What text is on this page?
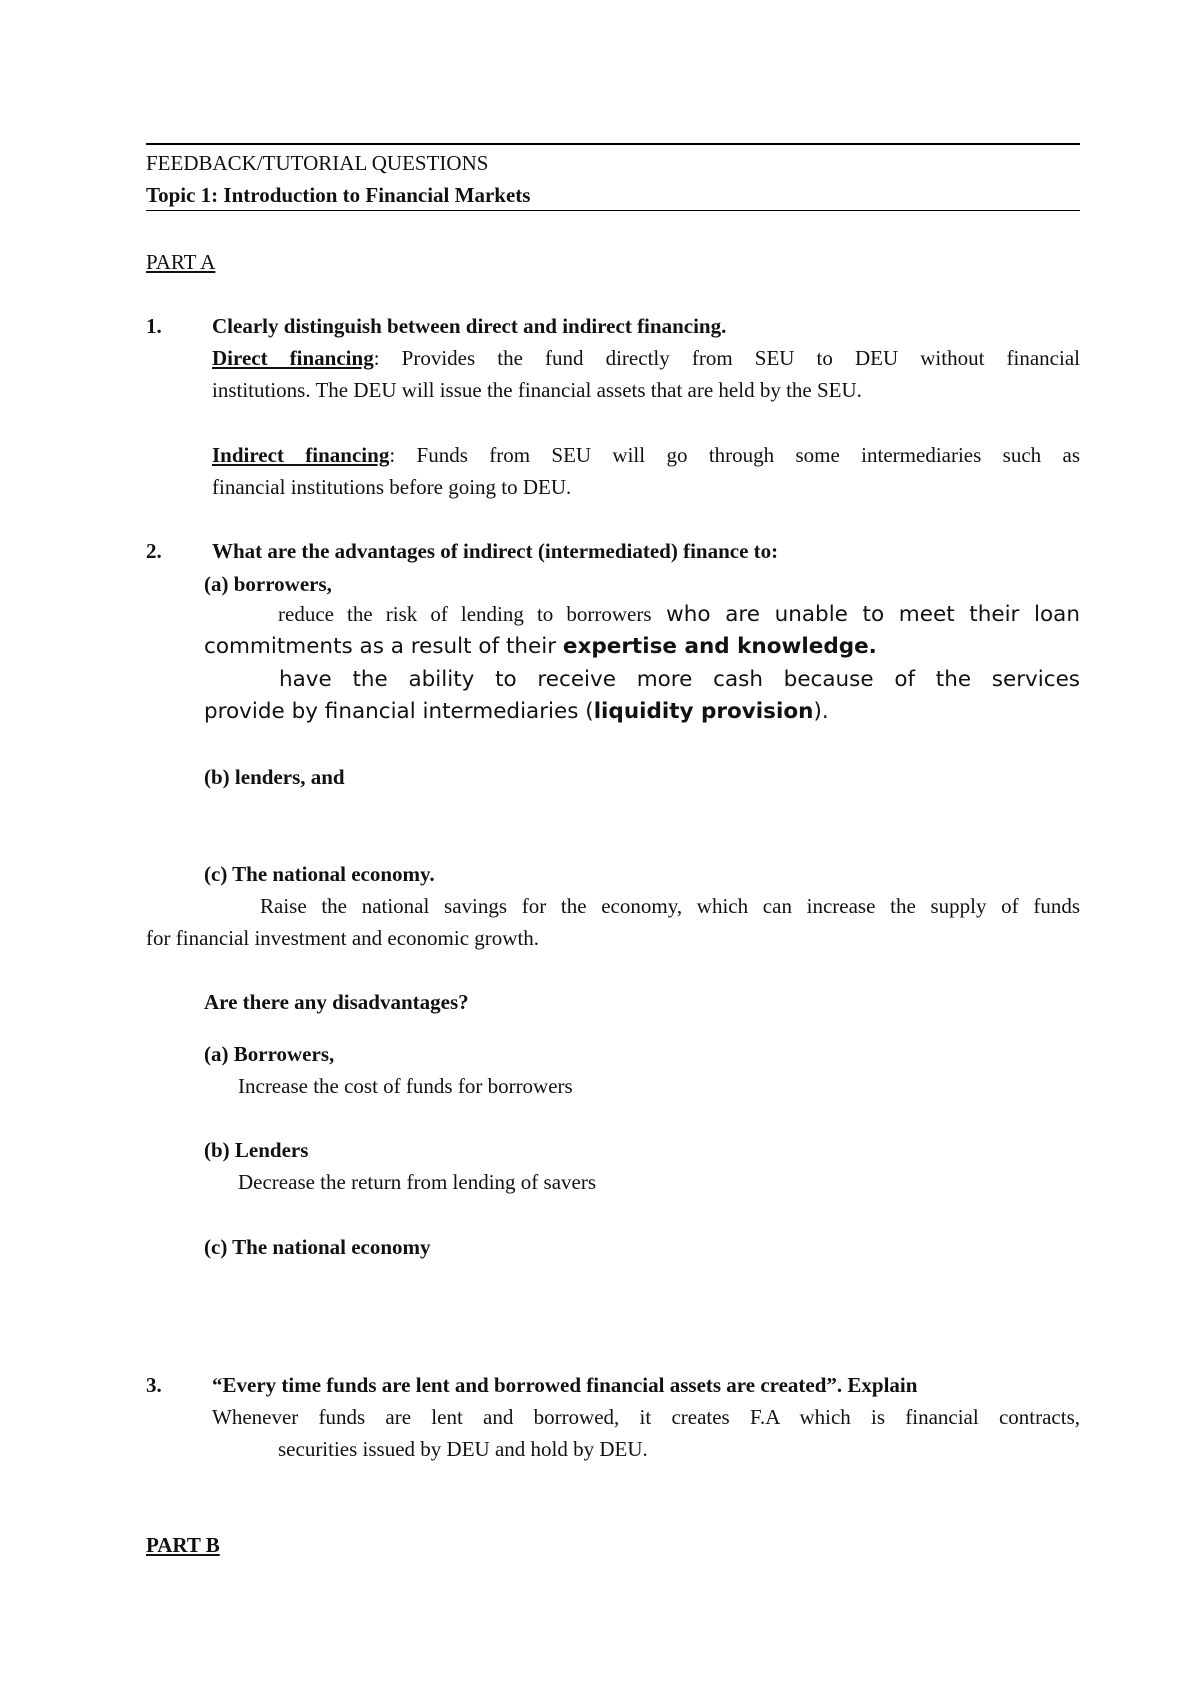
FEEDBACK/TUTORIAL QUESTIONS
Topic 1: Introduction to Financial Markets
PART A
1. Clearly distinguish between direct and indirect financing.
Direct financing: Provides the fund directly from SEU to DEU without financial
institutions. The DEU will issue the financial assets that are held by the SEU.
Indirect financing: Funds from SEU will go through some intermediaries such as
financial institutions before going to DEU.
2. What are the advantages of indirect (intermediated) finance to:
(a) borrowers,
reduce the risk of lending to borrowers who are unable to meet their loan
commitments as a result of their expertise and knowledge.
have the ability to receive more cash because of the services
provide by financial intermediaries (liquidity provision).
(b) lenders, and
(c) The national economy.
Raise the national savings for the economy, which can increase the supply of funds
for financial investment and economic growth.
Are there any disadvantages?
(a) Borrowers,
Increase the cost of funds for borrowers
(b) Lenders
Decrease the return from lending of savers
(c) The national economy
3. “Every time funds are lent and borrowed financial assets are created”. Explain
Whenever funds are lent and borrowed, it creates F.A which is financial contracts,
securities issued by DEU and hold by DEU.
PART B
